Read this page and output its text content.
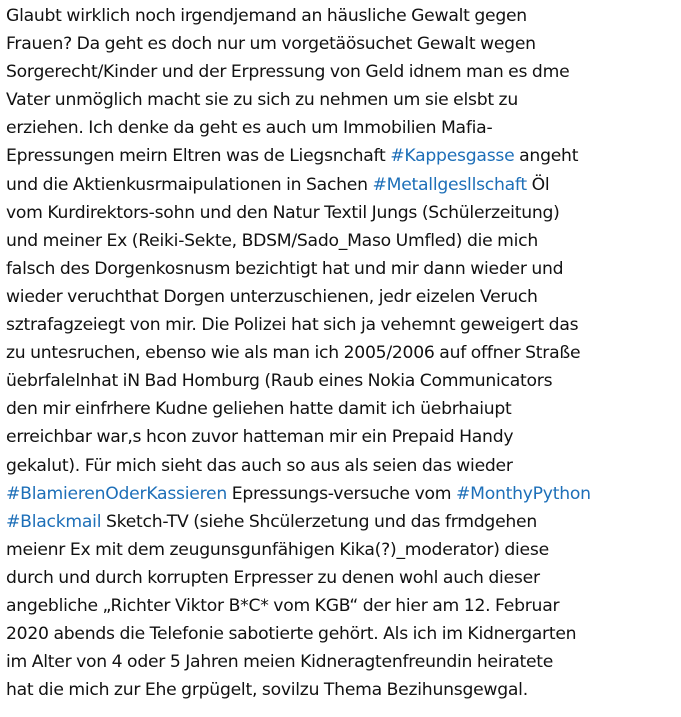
Glaubt wirklich noch irgendjemand an häusliche Gewalt gegen
Frauen? Da geht es doch nur um vorgetäösuchet Gewalt wegen
Sorgerecht/Kinder und der Erpressung von Geld idnem man es dme
Vater unmöglich macht sie zu sich zu nehmen um sie elsbt zu
erziehen. Ich denke da geht es auch um Immobilien Mafia-
Epressungen meirn Eltren was de Liegsnchaft #Kappesgasse angeht
und die Aktienkusrmaipulationen in Sachen #Metallgesllschaft Öl
vom Kurdirektors-sohn und den Natur Textil Jungs (Schülerzeitung)
und meiner Ex (Reiki-Sekte, BDSM/Sado_Maso Umfled) die mich
falsch des Dorgenkosnusm bezichtigt hat und mir dann wieder und
wieder veruchthat Dorgen unterzuschienen, jedr eizelen Veruch
sztrafagzeiegt von mir. Die Polizei hat sich ja vehemnt geweigert das
zu untesruchen, ebenso wie als man ich 2005/2006 auf offner Straße
üebrfalelnhat iN Bad Homburg (Raub eines Nokia Communicators
den mir einfrhere Kudne geliehen hatte damit ich üebrhaiupt
erreichbar war,s hcon zuvor hatteman mir ein Prepaid Handy
gekalut). Für mich sieht das auch so aus als seien das wieder
#BlamierenOderKassieren Epressungs-versuche vom #MonthyPython
#Blackmail Sketch-TV (siehe Shcülerzetung und das frmdgehen
meienr Ex mit dem zeugunsgunfähigen Kika(?)_moderator) diese
durch und durch korrupten Erpresser zu denen wohl auch dieser
angebliche „Richter Viktor B*C* vom KGB“ der hier am 12. Februar
2020 abends die Telefonie sabotierte gehört. Als ich im Kidnergarten
im Alter von 4 oder 5 Jahren meien Kidneragtenfreundin heiratete
hat die mich zur Ehe grpügelt, sovilzu Thema Bezihunsgewgal.
